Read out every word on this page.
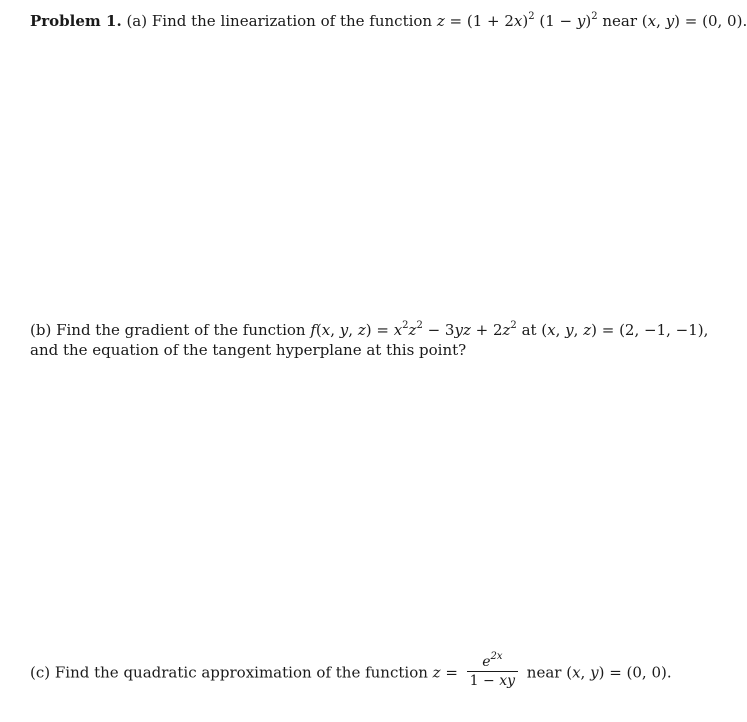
Problem 1. (a) Find the linearization of the function $z = (1 + 2x)^2$ $(1 - y)^2$ near (x, y) = (0, 0).
(b) Find the gradient of the function f(x, y, $z) = x^2z^2 - 3yz + 2z^2$ at (x, y, z) = (2, −1, −1),
and the equation of the tangent hyperplane at this point?
(c) Find the quadratic approximation of the function $z = \frac{e^{2x}}{1 - xy}$ near (x, y) = (0, 0).
